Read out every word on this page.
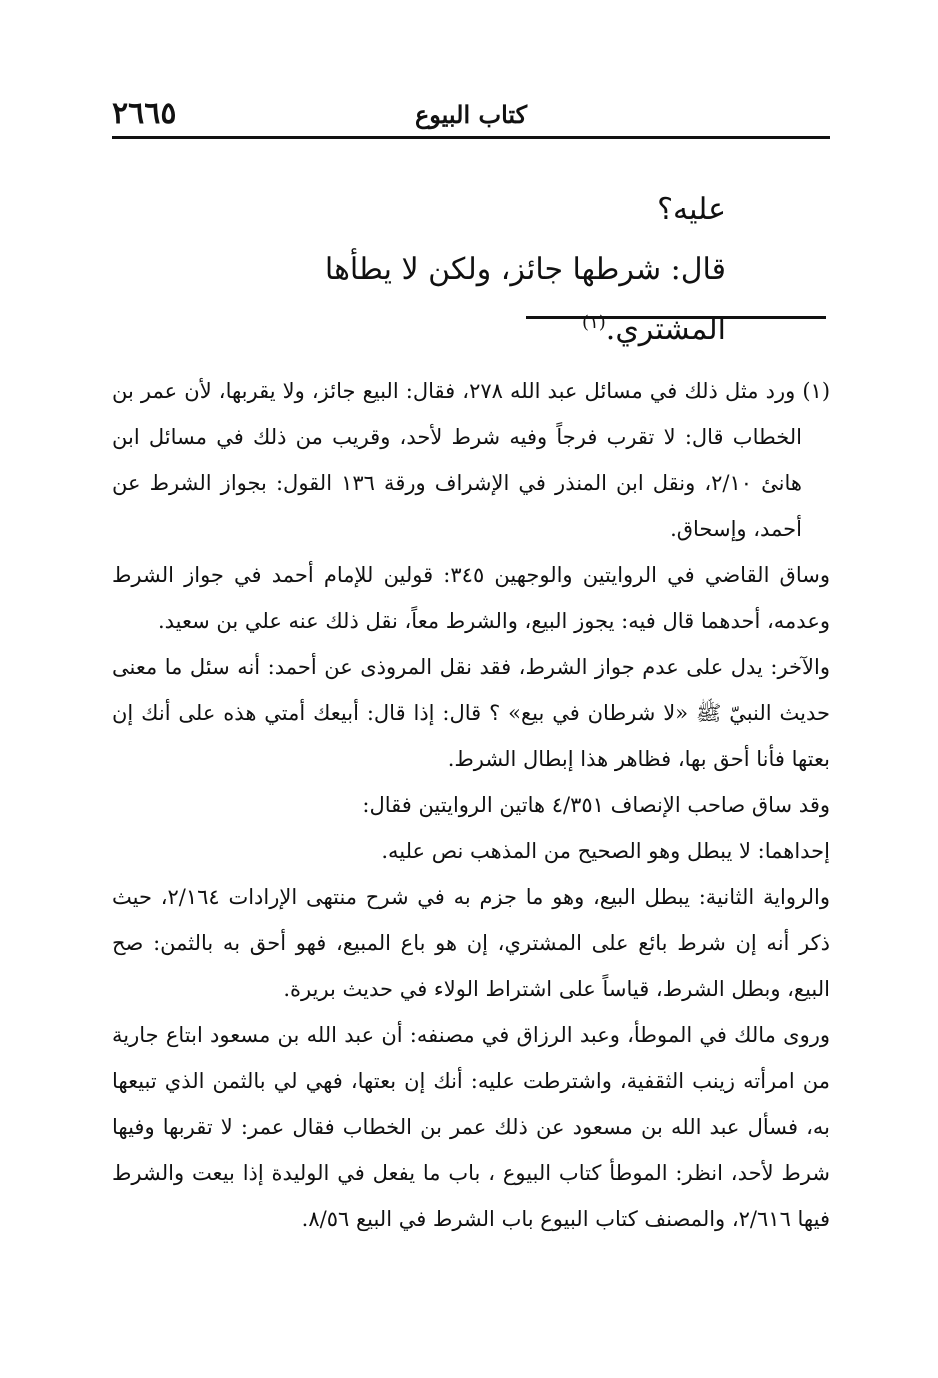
كتاب البيوع
٢٦٦٥

عليه؟

قال: شرطها جائز، ولكن لا يطأها المشتري.$^{(١)}$

(١) ورد مثل ذلك في مسائل عبد الله ٢٧٨، فقال: البيع جائز، ولا يقربها، لأن عمر بن الخطاب قال: لا تقرب فرجاً وفيه شرط لأحد، وقريب من ذلك في مسائل ابن هانئ ٢/١٠، ونقل ابن المنذر في الإشراف ورقة ١٣٦ القول: بجواز الشرط عن أحمد، وإسحاق.

وساق القاضي في الروايتين والوجهين ٣٤٥: قولين للإمام أحمد في جواز الشرط وعدمه، أحدهما قال فيه: يجوز البيع، والشرط معاً، نقل ذلك عنه علي بن سعيد.

والآخر: يدل على عدم جواز الشرط، فقد نقل المروذى عن أحمد: أنه سئل ما معنى حديث النبيّ ﷺ «لا شرطان في بيع» ؟ قال: إذا قال: أبيعك أمتي هذه على أنك إن بعتها فأنا أحق بها، فظاهر هذا إبطال الشرط.

وقد ساق صاحب الإنصاف ٤/٣٥١ هاتين الروايتين فقال:

إحداهما: لا يبطل وهو الصحيح من المذهب نص عليه.

والرواية الثانية: يبطل البيع، وهو ما جزم به في شرح منتهى الإرادات ٢/١٦٤، حيث ذكر أنه إن شرط بائع على المشتري، إن هو باع المبيع، فهو أحق به بالثمن: صح البيع، وبطل الشرط، قياساً على اشتراط الولاء في حديث بريرة.

وروى مالك في الموطأ، وعبد الرزاق في مصنفه: أن عبد الله بن مسعود ابتاع جارية من امرأته زينب الثقفية، واشترطت عليه: أنك إن بعتها، فهي لي بالثمن الذي تبيعها به، فسأل عبد الله بن مسعود عن ذلك عمر بن الخطاب فقال عمر: لا تقربها وفيها شرط لأحد، انظر: الموطأ كتاب البيوع ، باب ما يفعل في الوليدة إذا بيعت والشرط فيها ٢/٦١٦، والمصنف كتاب البيوع باب الشرط في البيع ٨/٥٦.
